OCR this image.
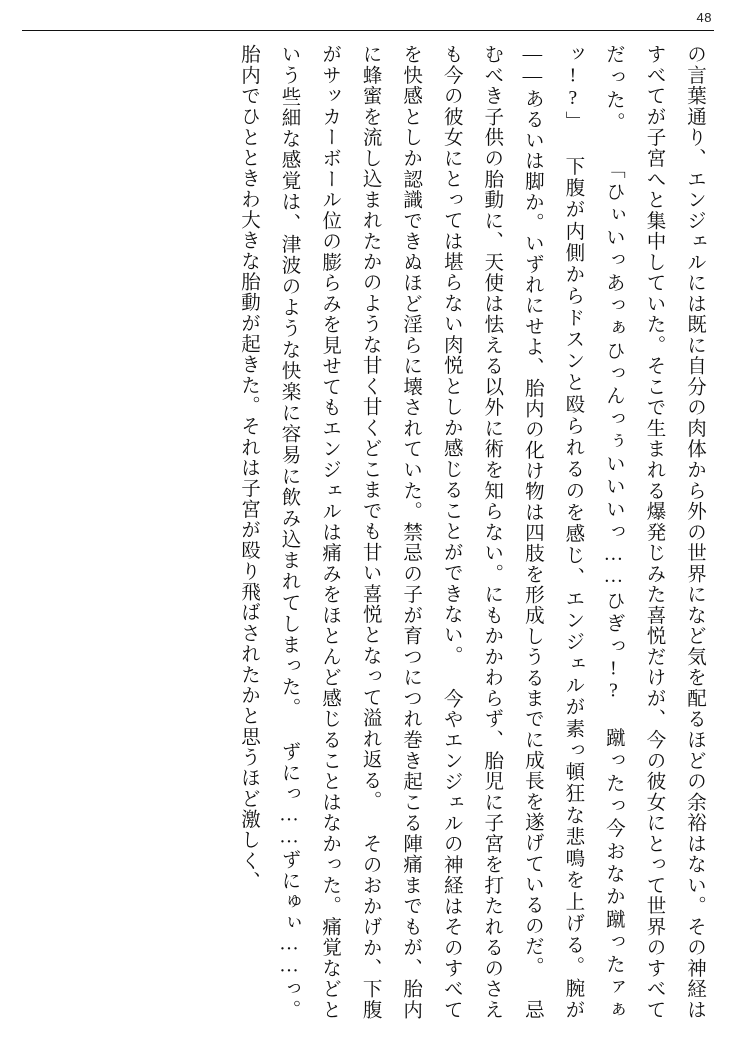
48

の言葉通り、エンジェルには既に自分の肉体から外の世界になど気を配るほどの余裕はない。その神経はすべてが子宮へと集中していた。そこで生まれる爆発じみた喜悦だけが、今の彼女にとって世界のすべてだった。 「ひぃいっあっぁひっんっぅいいいっ……ひぎっ!?　蹴ったっ今おなか蹴ったァぁッ!?」 下腹が内側からドスンと殴られるのを感じ、エンジェルが素っ頓狂な悲鳴を上げる。腕が——あるいは脚か。いずれにせよ、胎内の化け物は四肢を形成しうるまでに成長を遂げているのだ。 忌むべき子供の胎動に、天使は怯える以外に術を知らない。にもかかわらず、胎児に子宮を打たれるのさえも今の彼女にとっては堪らない肉悦としか感じることができない。 今やエンジェルの神経はそのすべてを快感としか認識できぬほど淫らに壊されていた。禁忌の子が育つにつれ巻き起こる陣痛までもが、胎内に蜂蜜を流し込まれたかのような甘く甘くどこまでも甘い喜悦となって溢れ返る。 そのおかげか、下腹がサッカーボール位の膨らみを見せてもエンジェルは痛みをほとんど感じることはなかった。痛覚などという些細な感覚は、津波のような快楽に容易に飲み込まれてしまった。 ずにっ……ずにゅぃ……っ。 胎内でひとときわ大きな胎動が起きた。それは子宮が殴り飛ばされたかと思うほど激しく、
